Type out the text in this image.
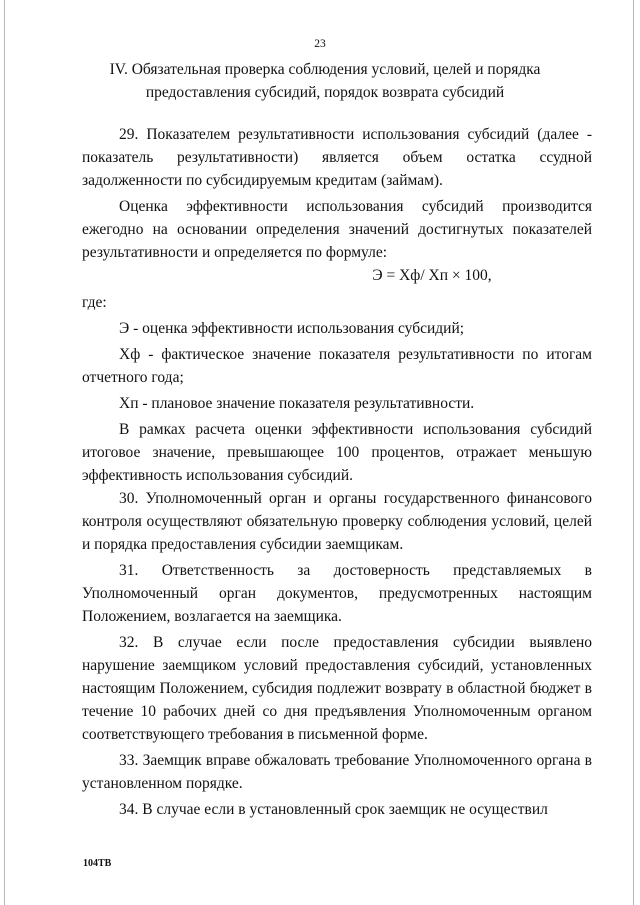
23
IV. Обязательная проверка соблюдения условий, целей и порядка предоставления субсидий, порядок возврата субсидий

29. Показателем результативности использования субсидий (далее - показатель результативности) является объем остатка ссудной задолженности по субсидируемым кредитам (займам).

Оценка эффективности использования субсидий производится ежегодно на основании определения значений достигнутых показателей результативности и определяется по формуле:

Э = Хф/ Хп × 100,

где:

Э - оценка эффективности использования субсидий;

Хф - фактическое значение показателя результативности по итогам отчетного года;

Хп - плановое значение показателя результативности.

В рамках расчета оценки эффективности использования субсидий итоговое значение, превышающее 100 процентов, отражает меньшую эффективность использования субсидий.

30. Уполномоченный орган и органы государственного финансового контроля осуществляют обязательную проверку соблюдения условий, целей и порядка предоставления субсидии заемщикам.

31. Ответственность за достоверность представляемых в Уполномоченный орган документов, предусмотренных настоящим Положением, возлагается на заемщика.

32. В случае если после предоставления субсидии выявлено нарушение заемщиком условий предоставления субсидий, установленных настоящим Положением, субсидия подлежит возврату в областной бюджет в течение 10 рабочих дней со дня предъявления Уполномоченным органом соответствующего требования в письменной форме.

33. Заемщик вправе обжаловать требование Уполномоченного органа в установленном порядке.

34. В случае если в установленный срок заемщик не осуществил

104ТВ
